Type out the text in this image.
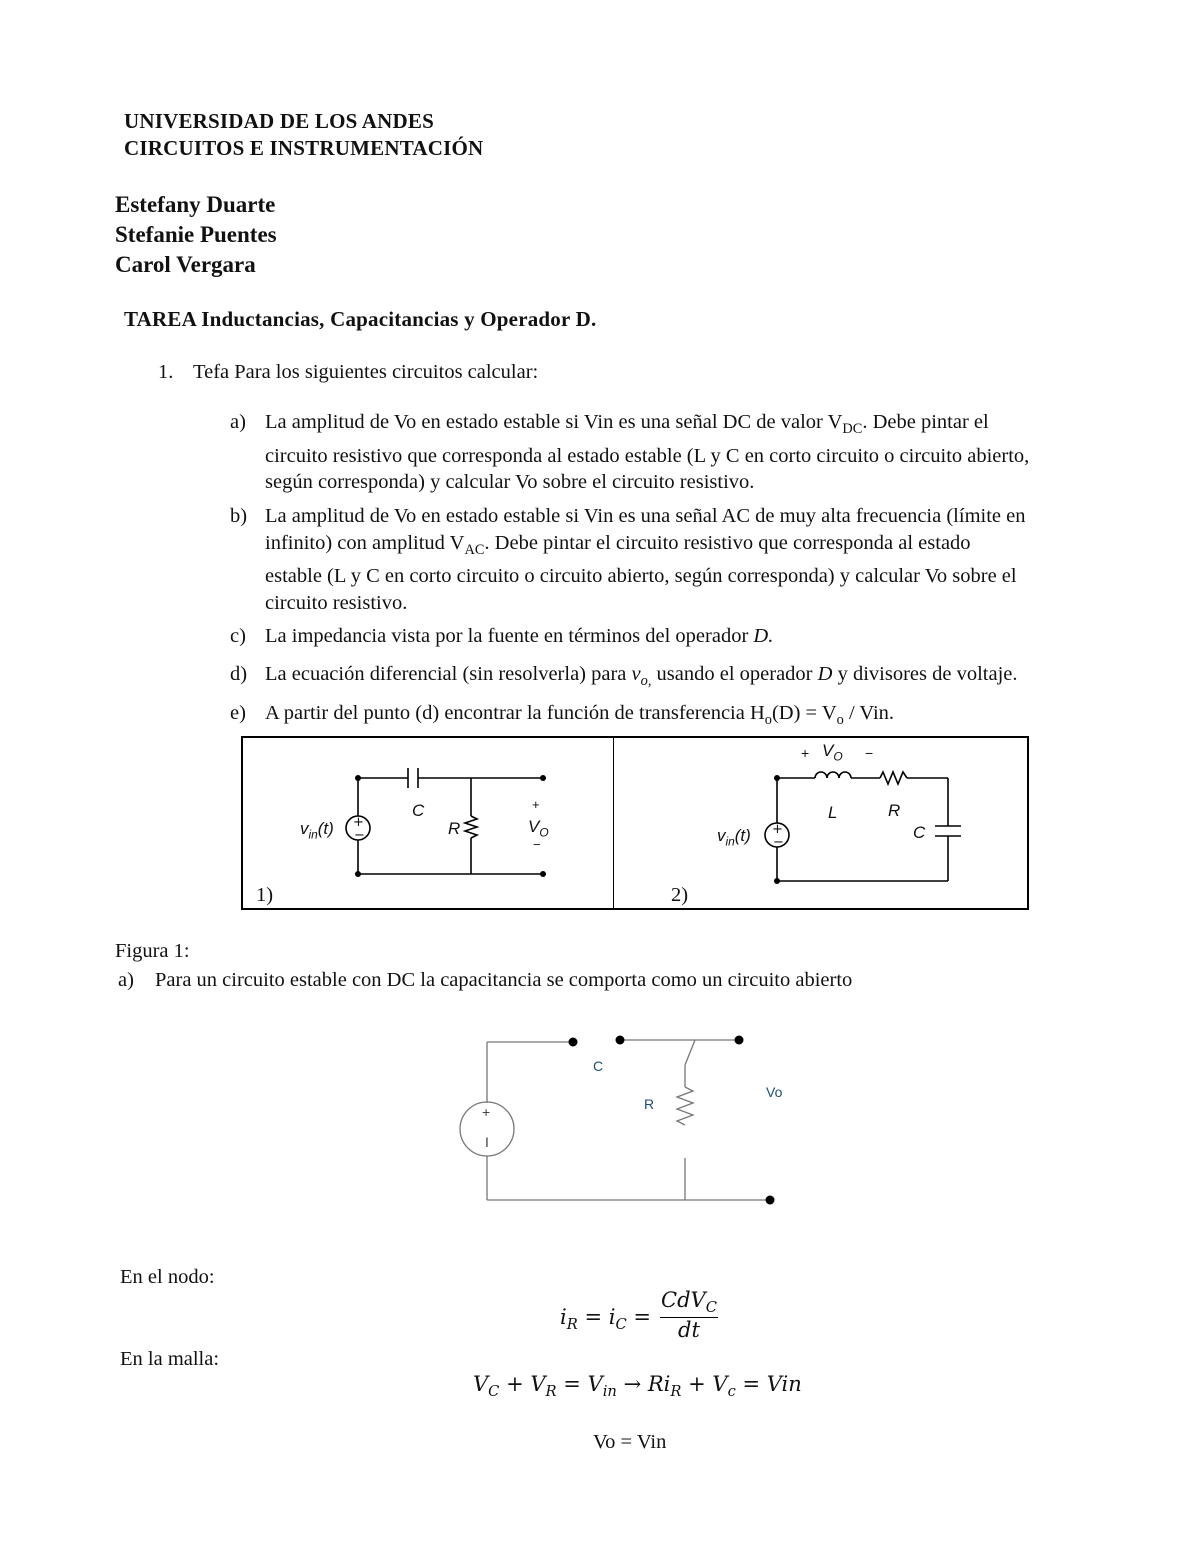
UNIVERSIDAD DE LOS ANDES
CIRCUITOS E INSTRUMENTACIÓN
Estefany Duarte
Stefanie Puentes
Carol Vergara
TAREA Inductancias, Capacitancias y Operador D.
1. Tefa Para los siguientes circuitos calcular:
a) La amplitud de Vo en estado estable si Vin es una señal DC de valor $V_{DC}$. Debe pintar el
circuito resistivo que corresponda al estado estable (L y C en corto circuito o circuito abierto,
según corresponda) y calcular Vo sobre el circuito resistivo.
b) La amplitud de Vo en estado estable si Vin es una señal AC de muy alta frecuencia (límite en
infinito) con amplitud $V_{AC}$. Debe pintar el circuito resistivo que corresponda al estado
estable (L y C en corto circuito o circuito abierto, según corresponda) y calcular Vo sobre el
circuito resistivo.
c) La impedancia vista por la fuente en términos del operador D.
d) La ecuación diferencial (sin resolverla) para $v_{o,}$ usando el operador D y divisores de voltaje.
e) A partir del punto (d) encontrar la función de transferencia $H_o(D) = V_o$ / Vin.
+
−
$v_{in}(t)$
C
R
+
$V_O$
−
1)
+
−
$v_{in}(t)$
+ $V_O$ −
L	R
C
2)
Figura 1:
a) Para un circuito estable con DC la capacitancia se comporta como un circuito abierto
C
R
Vo
+
I
En el nodo:
$i_R = i_C$ =
CdV$_C$
dt
En la malla:
$V_C + V_R = V_{in} \to Ri_R + V_c$ = Vin
Vo = Vin
